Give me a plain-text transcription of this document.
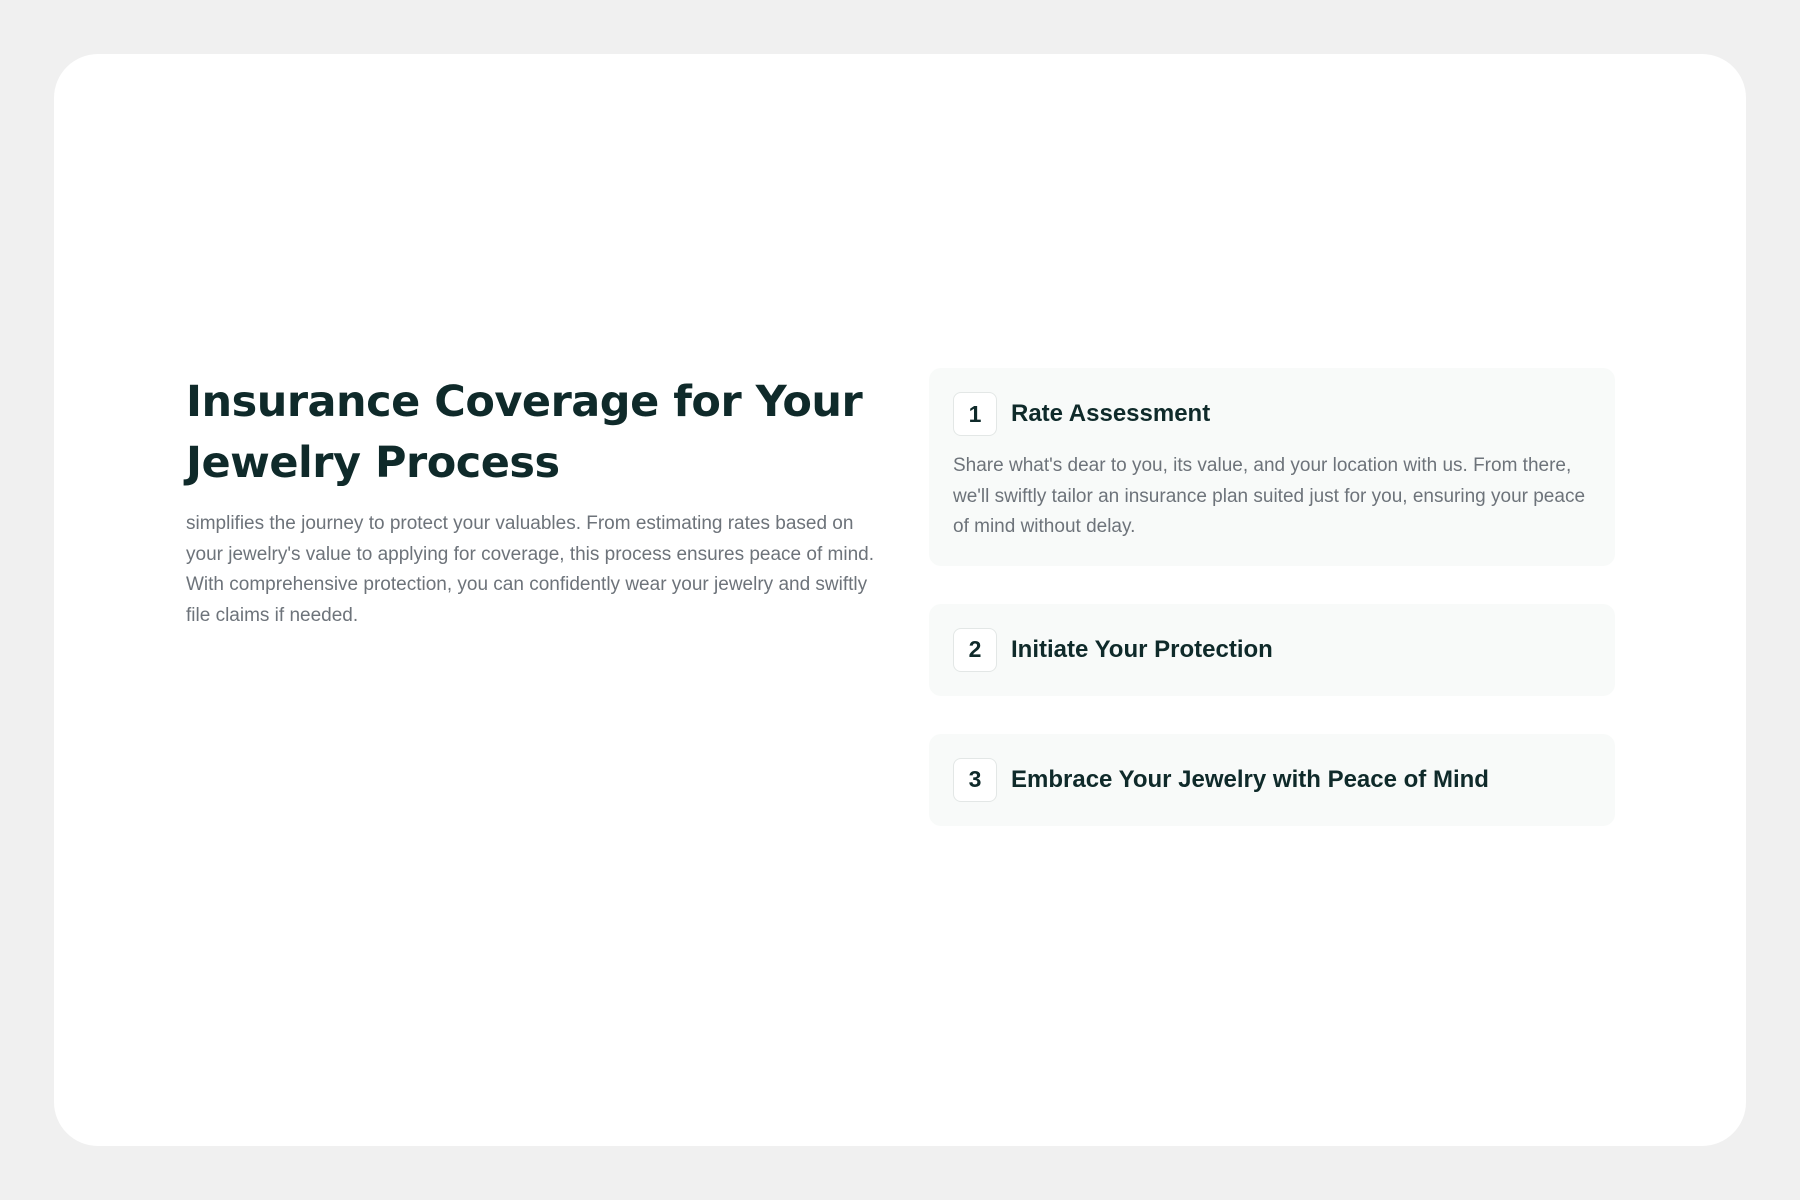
Insurance Coverage for Your Jewelry Process

simplifies the journey to protect your valuables. From estimating rates based on your jewelry's value to applying for coverage, this process ensures peace of mind. With comprehensive protection, you can confidently wear your jewelry and swiftly file claims if needed.

1	Rate Assessment
Share what's dear to you, its value, and your location with us. From there, we'll swiftly tailor an insurance plan suited just for you, ensuring your peace of mind without delay.
2	Initiate Your Protection
3	Embrace Your Jewelry with Peace of Mind
